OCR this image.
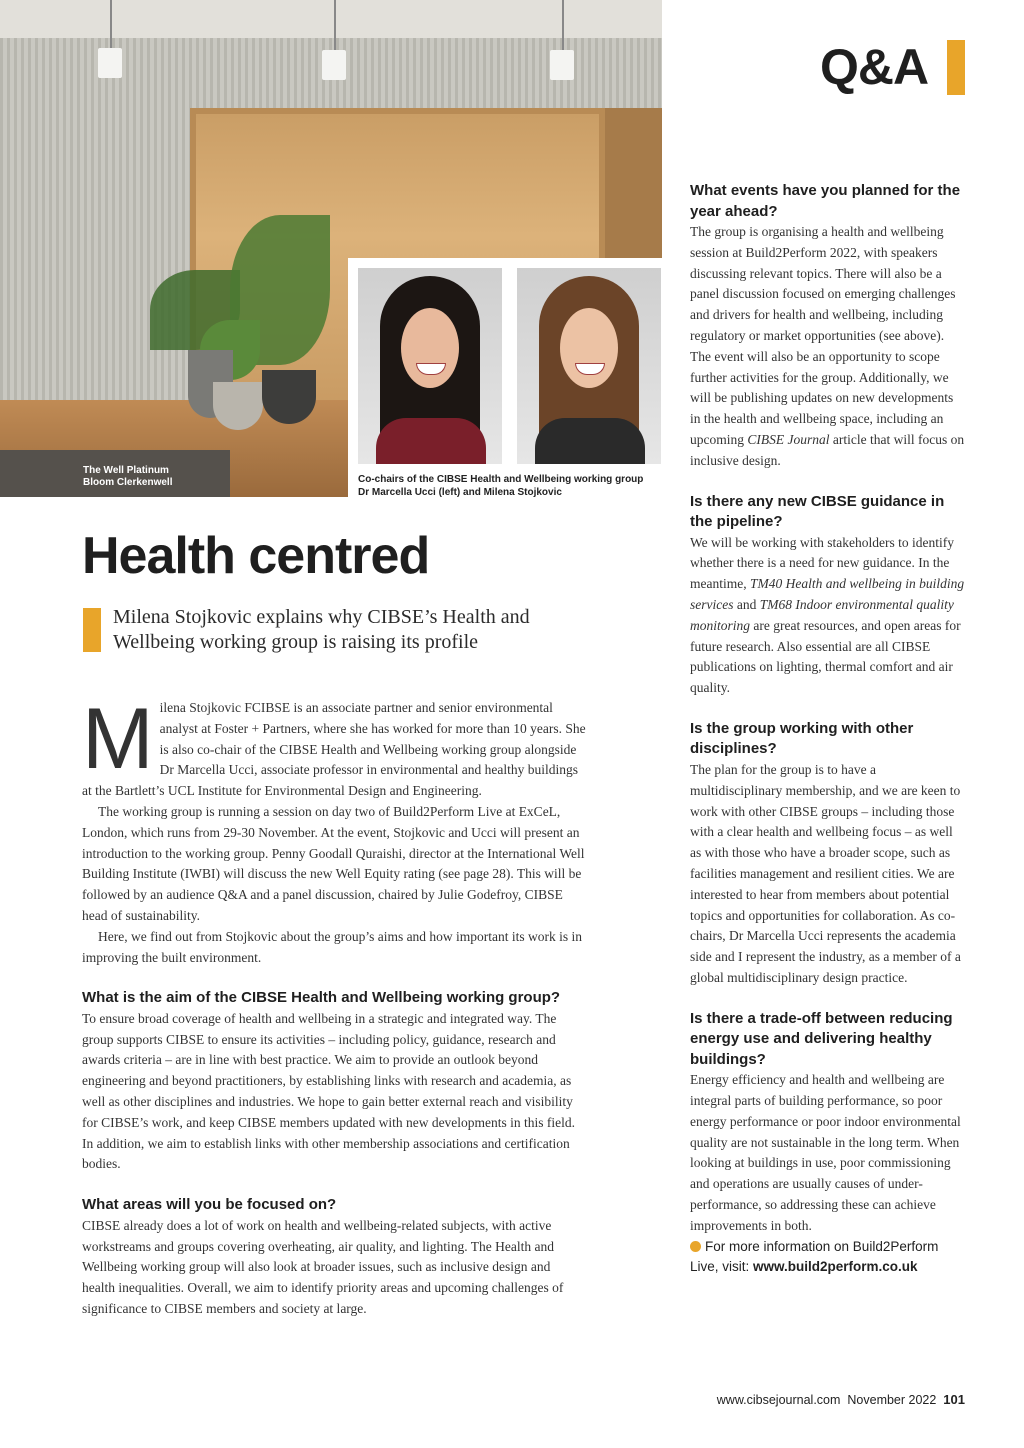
The Well Platinum
Bloom Clerkenwell	Co-chairs of the CIBSE Health and Wellbeing working group
Dr Marcella Ucci (left) and Milena Stojkovic
Q&A
Health centred
Milena Stojkovic explains why CIBSE’s Health and Wellbeing working group is raising its profile

Milena Stojkovic FCIBSE is an associate partner and senior environmental analyst at Foster + Partners, where she has worked for more than 10 years. She is also co-chair of the CIBSE Health and Wellbeing working group alongside Dr Marcella Ucci, associate professor in environmental and healthy buildings at the Bartlett’s UCL Institute for Environmental Design and Engineering.

The working group is running a session on day two of Build2Perform Live at ExCeL, London, which runs from 29-30 November. At the event, Stojkovic and Ucci will present an introduction to the working group. Penny Goodall Quraishi, director at the International Well Building Institute (IWBI) will discuss the new Well Equity rating (see page 28). This will be followed by an audience Q&A and a panel discussion, chaired by Julie Godefroy, CIBSE head of sustainability.

Here, we find out from Stojkovic about the group’s aims and how important its work is in improving the built environment.

What is the aim of the CIBSE Health and Wellbeing working group?

To ensure broad coverage of health and wellbeing in a strategic and integrated way. The group supports CIBSE to ensure its activities – including policy, guidance, research and awards criteria – are in line with best practice. We aim to provide an outlook beyond engineering and beyond practitioners, by establishing links with research and academia, as well as other disciplines and industries. We hope to gain better external reach and visibility for CIBSE’s work, and keep CIBSE members updated with new developments in this field. In addition, we aim to establish links with other membership associations and certification bodies.

What areas will you be focused on?

CIBSE already does a lot of work on health and wellbeing-related subjects, with active workstreams and groups covering overheating, air quality, and lighting. The Health and Wellbeing working group will also look at broader issues, such as inclusive design and health inequalities. Overall, we aim to identify priority areas and upcoming challenges of significance to CIBSE members and society at large.

What events have you planned for the year ahead?

The group is organising a health and wellbeing session at Build2Perform 2022, with speakers discussing relevant topics. There will also be a panel discussion focused on emerging challenges and drivers for health and wellbeing, including regulatory or market opportunities (see above). The event will also be an opportunity to scope further activities for the group. Additionally, we will be publishing updates on new developments in the health and wellbeing space, including an upcoming CIBSE Journal article that will focus on inclusive design.

Is there any new CIBSE guidance in the pipeline?

We will be working with stakeholders to identify whether there is a need for new guidance. In the meantime, TM40 Health and wellbeing in building services and TM68 Indoor environmental quality monitoring are great resources, and open areas for future research. Also essential are all CIBSE publications on lighting, thermal comfort and air quality.

Is the group working with other disciplines?

The plan for the group is to have a multidisciplinary membership, and we are keen to work with other CIBSE groups – including those with a clear health and wellbeing focus – as well as with those who have a broader scope, such as facilities management and resilient cities. We are interested to hear from members about potential topics and opportunities for collaboration. As co-chairs, Dr Marcella Ucci represents the academia side and I represent the industry, as a member of a global multidisciplinary design practice.

Is there a trade-off between reducing energy use and delivering healthy buildings?

Energy efficiency and health and wellbeing are integral parts of building performance, so poor energy performance or poor indoor environmental quality are not sustainable in the long term. When looking at buildings in use, poor commissioning and operations are usually causes of under-performance, so addressing these can achieve improvements in both.

For more information on Build2Perform Live, visit: www.build2perform.co.uk

www.cibsejournal.com November 2022 101
